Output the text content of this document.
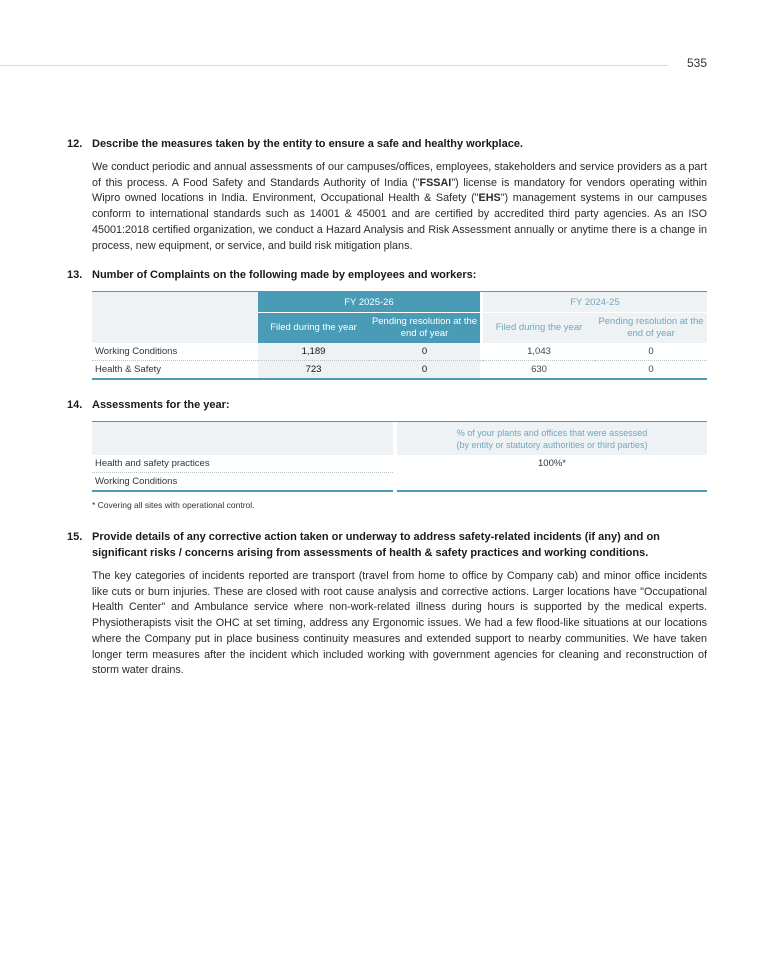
535
12. Describe the measures taken by the entity to ensure a safe and healthy workplace.
We conduct periodic and annual assessments of our campuses/offices, employees, stakeholders and service providers as a part of this process. A Food Safety and Standards Authority of India ("FSSAI") license is mandatory for vendors operating within Wipro owned locations in India. Environment, Occupational Health & Safety ("EHS") management systems in our campuses conform to international standards such as 14001 & 45001 and are certified by accredited third party agencies. As an ISO 45001:2018 certified organization, we conduct a Hazard Analysis and Risk Assessment annually or anytime there is a change in process, new equipment, or service, and build risk mitigation plans.
13. Number of Complaints on the following made by employees and workers:
	FY 2025-26			FY 2024-25	
	Filed during the year	Pending resolution at the end of year		Filed during the year	Pending resolution at the end of year
Working Conditions	1,189	0		1,043	0
Health & Safety	723	0		630	0
14. Assessments for the year:

		% of your plants and offices that were assessed
(by entity or statutory authorities or third parties)

Health and safety practices		100%*
Working Conditions		
* Covering all sites with operational control.
15. Provide details of any corrective action taken or underway to address safety-related incidents (if any) and on significant risks / concerns arising from assessments of health & safety practices and working conditions.
The key categories of incidents reported are transport (travel from home to office by Company cab) and minor office incidents like cuts or burn injuries. These are closed with root cause analysis and corrective actions. Larger locations have "Occupational Health Center" and Ambulance service where non-work-related illness during hours is supported by the medical experts. Physiotherapists visit the OHC at set timing, address any Ergonomic issues. We had a few flood-like situations at our locations where the Company put in place business continuity measures and extended support to nearby communities. We have taken longer term measures after the incident which included working with government agencies for cleaning and reconstruction of storm water drains.
